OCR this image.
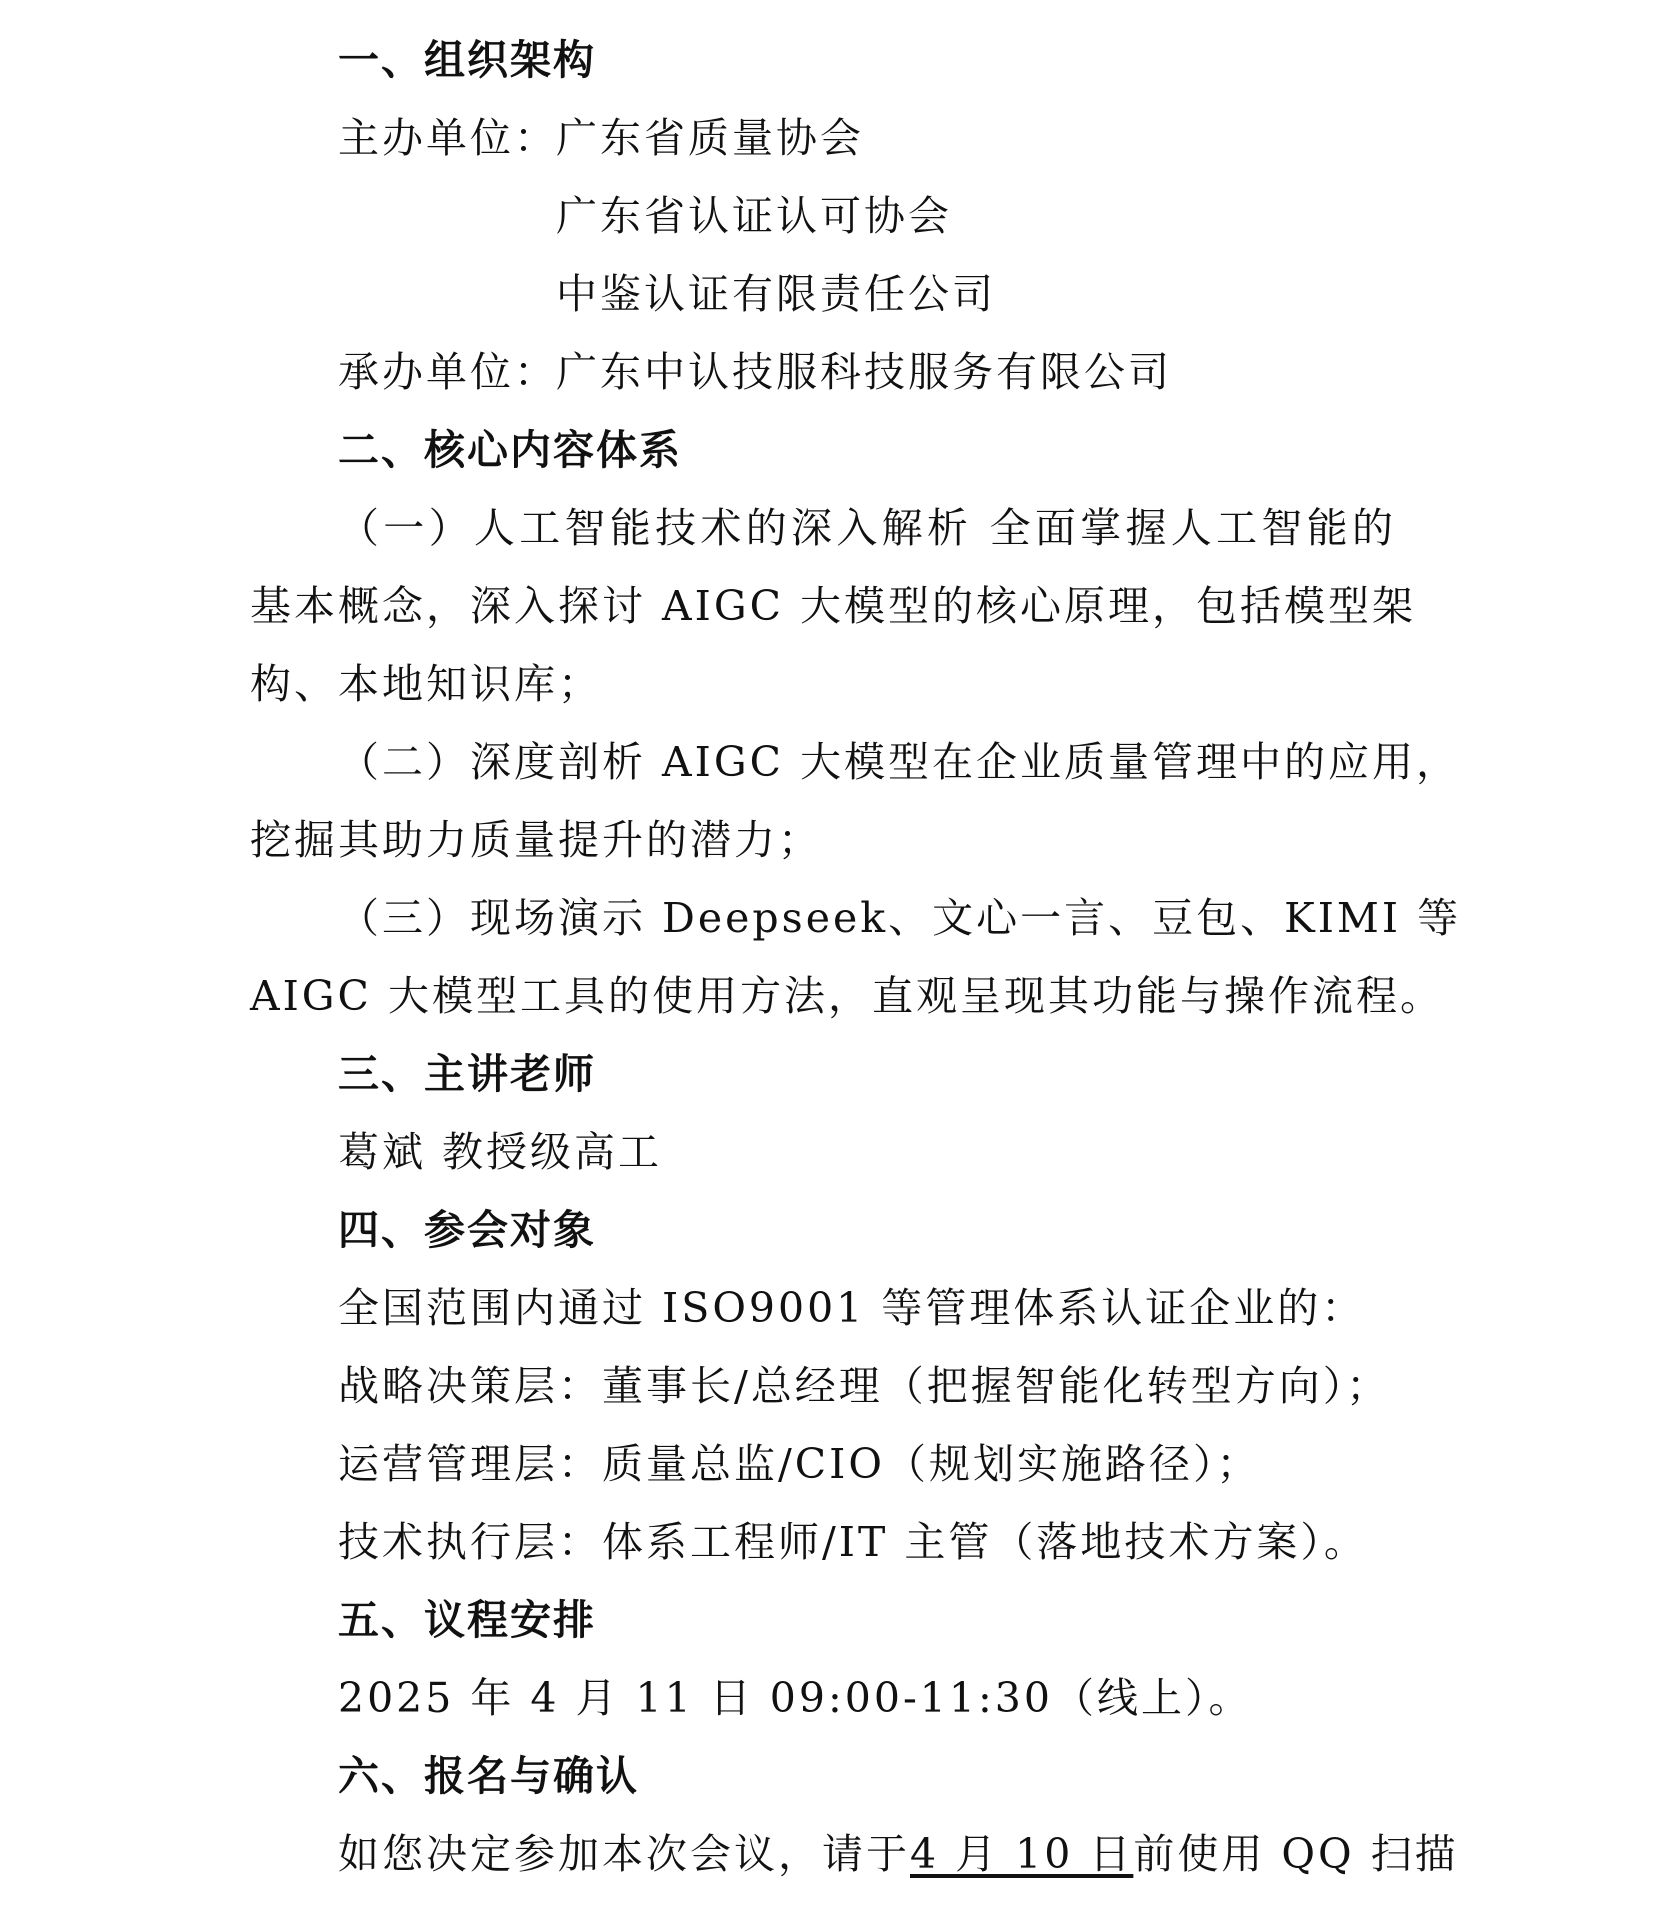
一、组织架构
主办单位：
广东省质量协会
广东省认证认可协会
中鉴认证有限责任公司
承办单位：
广东中认技服科技服务有限公司
二、核心内容体系
（一）人工智能技术的深入解析 全面掌握人工智能的
基本概念，深入探讨 AIGC 大模型的核心原理，包括模型架
构、本地知识库；
（二）深度剖析 AIGC 大模型在企业质量管理中的应用，
挖掘其助力质量提升的潜力；
（三）现场演示 Deepseek、文心一言、豆包、KIMI 等
AIGC 大模型工具的使用方法，直观呈现其功能与操作流程。
三、主讲老师
葛斌 教授级高工
四、参会对象
全国范围内通过 ISO9001 等管理体系认证企业的：
战略决策层：董事长/总经理（把握智能化转型方向）；
运营管理层：质量总监/CIO（规划实施路径）；
技术执行层：体系工程师/IT 主管（落地技术方案）。
五、议程安排
2025 年 4 月 11 日 09:00-11:30（线上）。
六、报名与确认
如您决定参加本次会议，请于 4 月 10 日 前使用 QQ 扫描
